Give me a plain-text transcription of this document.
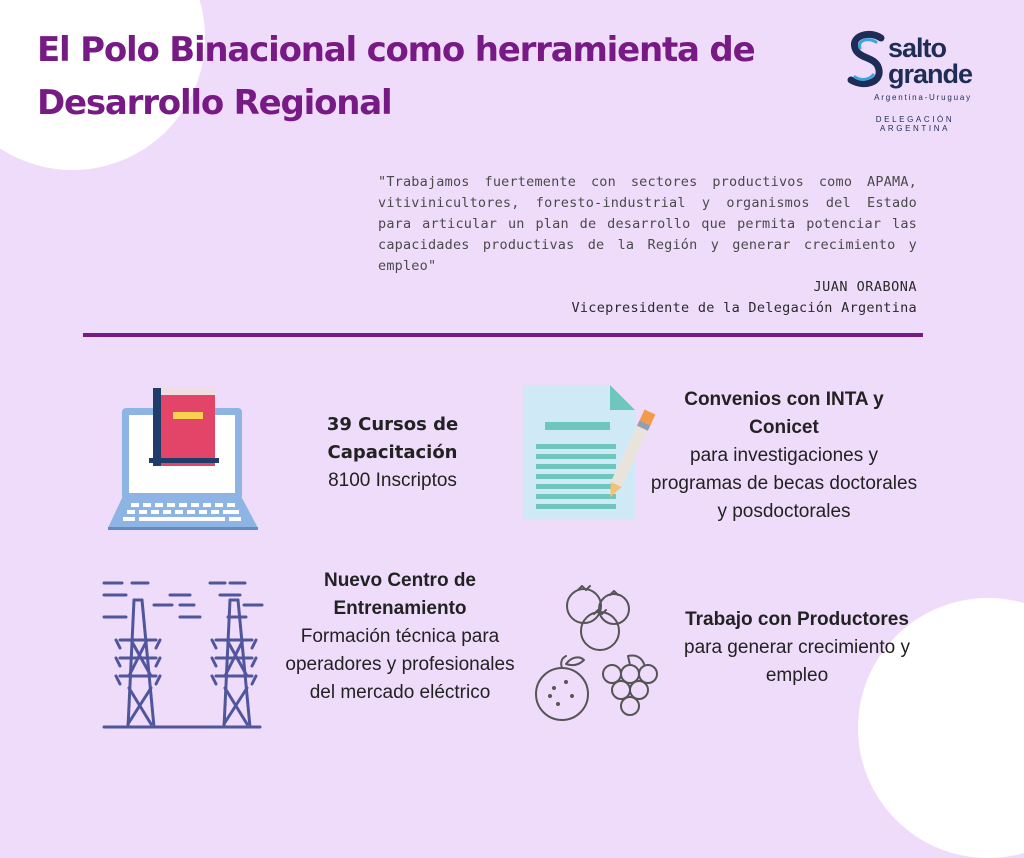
El Polo Binacional como herramienta de Desarrollo Regional
salto
grande
Argentina-Uruguay
DELEGACIÓN ARGENTINA

"Trabajamos fuertemente con sectores productivos como APAMA, vitivinicultores, foresto-industrial y organismos del Estado para articular un plan de desarrollo que permita potenciar las capacidades productivas de la Región y generar crecimiento y empleo"

JUAN ORABONA
Vicepresidente de la Delegación Argentina
39 Cursos de Capacitación
8100 Inscriptos
Convenios con INTA y Conicet
para investigaciones y programas de becas doctorales y posdoctorales
Nuevo Centro de Entrenamiento
Formación técnica para operadores y profesionales del mercado eléctrico
Trabajo con Productores
para generar crecimiento y empleo
